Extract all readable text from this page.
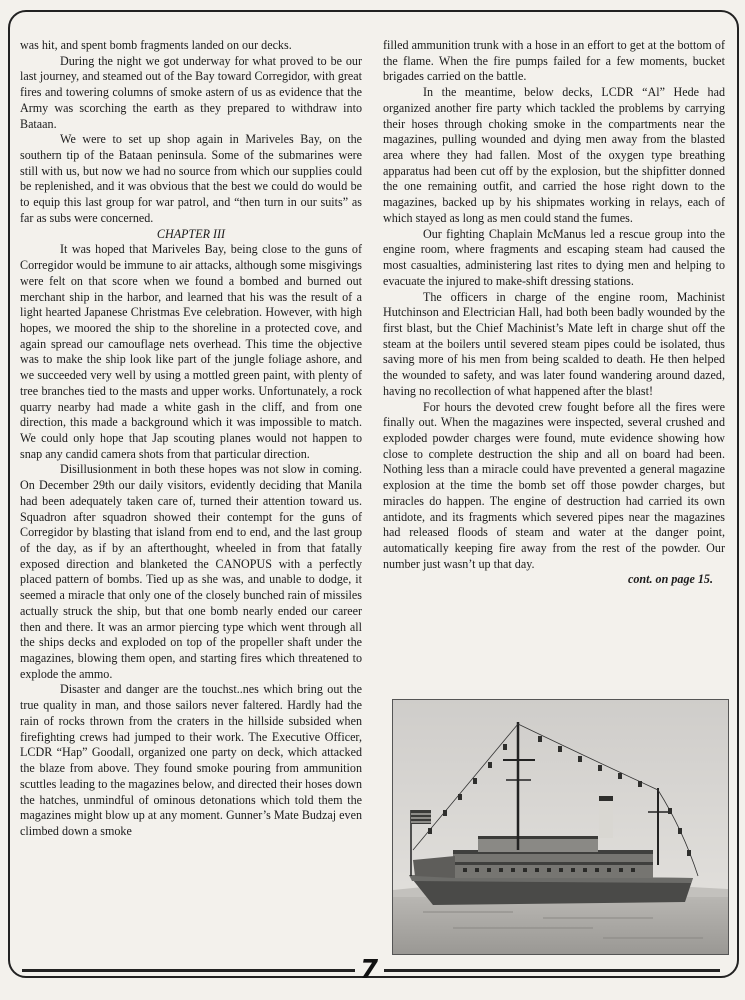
was hit, and spent bomb fragments landed on our decks.

During the night we got underway for what proved to be our last journey, and steamed out of the Bay toward Corregidor, with great fires and towering columns of smoke astern of us as evidence that the Army was scorching the earth as they prepared to withdraw into Bataan.

We were to set up shop again in Mariveles Bay, on the southern tip of the Bataan peninsula. Some of the submarines were still with us, but now we had no source from which our supplies could be replenished, and it was obvious that the best we could do would be to equip this last group for war patrol, and “then turn in our suits” as far as subs were concerned.

CHAPTER III

It was hoped that Mariveles Bay, being close to the guns of Corregidor would be immune to air attacks, although some misgivings were felt on that score when we found a bombed and burned out merchant ship in the harbor, and learned that his was the result of a light hearted Japanese Christmas Eve celebration. However, with high hopes, we moored the ship to the shoreline in a protected cove, and again spread our camouflage nets overhead. This time the objective was to make the ship look like part of the jungle foliage ashore, and we succeeded very well by using a mottled green paint, with plenty of tree branches tied to the masts and upper works. Unfortunately, a rock quarry nearby had made a white gash in the cliff, and from one direction, this made a background which it was impossible to match. We could only hope that Jap scouting planes would not happen to snap any candid camera shots from that particular direction.

Disillusionment in both these hopes was not slow in coming. On December 29th our daily visitors, evidently deciding that Manila had been adequately taken care of, turned their attention toward us. Squadron after squadron showed their contempt for the guns of Corregidor by blasting that island from end to end, and the last group of the day, as if by an afterthought, wheeled in from that fatally exposed direction and blanketed the CANOPUS with a perfectly placed pattern of bombs. Tied up as she was, and unable to dodge, it seemed a miracle that only one of the closely bunched rain of missiles actually struck the ship, but that one bomb nearly ended our career then and there. It was an armor piercing type which went through all the ships decks and exploded on top of the propeller shaft under the magazines, blowing them open, and starting fires which threatened to explode the ammo.

Disaster and danger are the touchst..nes which bring out the true quality in man, and those sailors never faltered. Hardly had the rain of rocks thrown from the craters in the hillside subsided when firefighting crews had jumped to their work. The Executive Officer, LCDR “Hap” Goodall, organized one party on deck, which attacked the blaze from above. They found smoke pouring from ammunition scuttles leading to the magazines below, and directed their hoses down the hatches, unmindful of ominous detonations which told them the magazines might blow up at any moment. Gunner’s Mate Budzaj even climbed down a smoke

filled ammunition trunk with a hose in an effort to get at the bottom of the flame. When the fire pumps failed for a few moments, bucket brigades carried on the battle.

In the meantime, below decks, LCDR “Al” Hede had organized another fire party which tackled the problems by carrying their hoses through choking smoke in the compartments near the magazines, pulling wounded and dying men away from the blasted area where they had fallen. Most of the oxygen type breathing apparatus had been cut off by the explosion, but the shipfitter donned the one remaining outfit, and carried the hose right down to the magazines, backed up by his shipmates working in relays, each of which stayed as long as men could stand the fumes.

Our fighting Chaplain McManus led a rescue group into the engine room, where fragments and escaping steam had caused the most casualties, administering last rites to dying men and helping to evacuate the injured to make-shift dressing stations.

The officers in charge of the engine room, Machinist Hutchinson and Electrician Hall, had both been badly wounded by the first blast, but the Chief Machinist’s Mate left in charge shut off the steam at the boilers until severed steam pipes could be isolated, thus saving more of his men from being scalded to death. He then helped the wounded to safety, and was later found wandering around dazed, having no recollection of what happened after the blast!

For hours the devoted crew fought before all the fires were finally out. When the magazines were inspected, several crushed and exploded powder charges were found, mute evidence showing how close to complete destruction the ship and all on board had been. Nothing less than a miracle could have prevented a general magazine explosion at the time the bomb set off those powder charges, but miracles do happen. The engine of destruction had carried its own antidote, and its fragments which severed pipes near the magazines had released floods of steam and water at the danger point, automatically keeping fire away from the rest of the powder. Our number just wasn’t up that day.

cont. on page 15.

7
